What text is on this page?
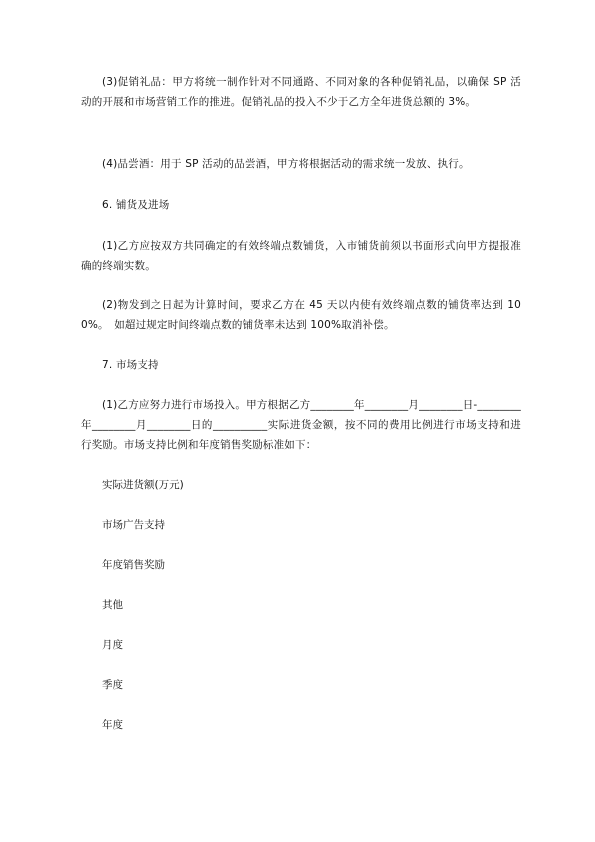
(3)促销礼品：甲方将统一制作针对不同通路、不同对象的各种促销礼品，以确保 SP 活动的开展和市场营销工作的推进。促销礼品的投入不少于乙方全年进货总额的 3%。

(4)品尝酒：用于 SP 活动的品尝酒，甲方将根据活动的需求统一发放、执行。

6. 铺货及进场

(1)乙方应按双方共同确定的有效终端点数铺货，入市铺货前须以书面形式向甲方提报准确的终端实数。

(2)物发到之日起为计算时间，要求乙方在 45 天以内使有效终端点数的铺货率达到 100%。　如超过规定时间终端点数的铺货率未达到 100%取消补偿。

7. 市场支持

(1)乙方应努力进行市场投入。甲方根据乙方________年________月________日-________年________月________日的__________实际进货金额，按不同的费用比例进行市场支持和进行奖励。市场支持比例和年度销售奖励标准如下：

实际进货额(万元)

市场广告支持

年度销售奖励

其他

月度

季度

年度
